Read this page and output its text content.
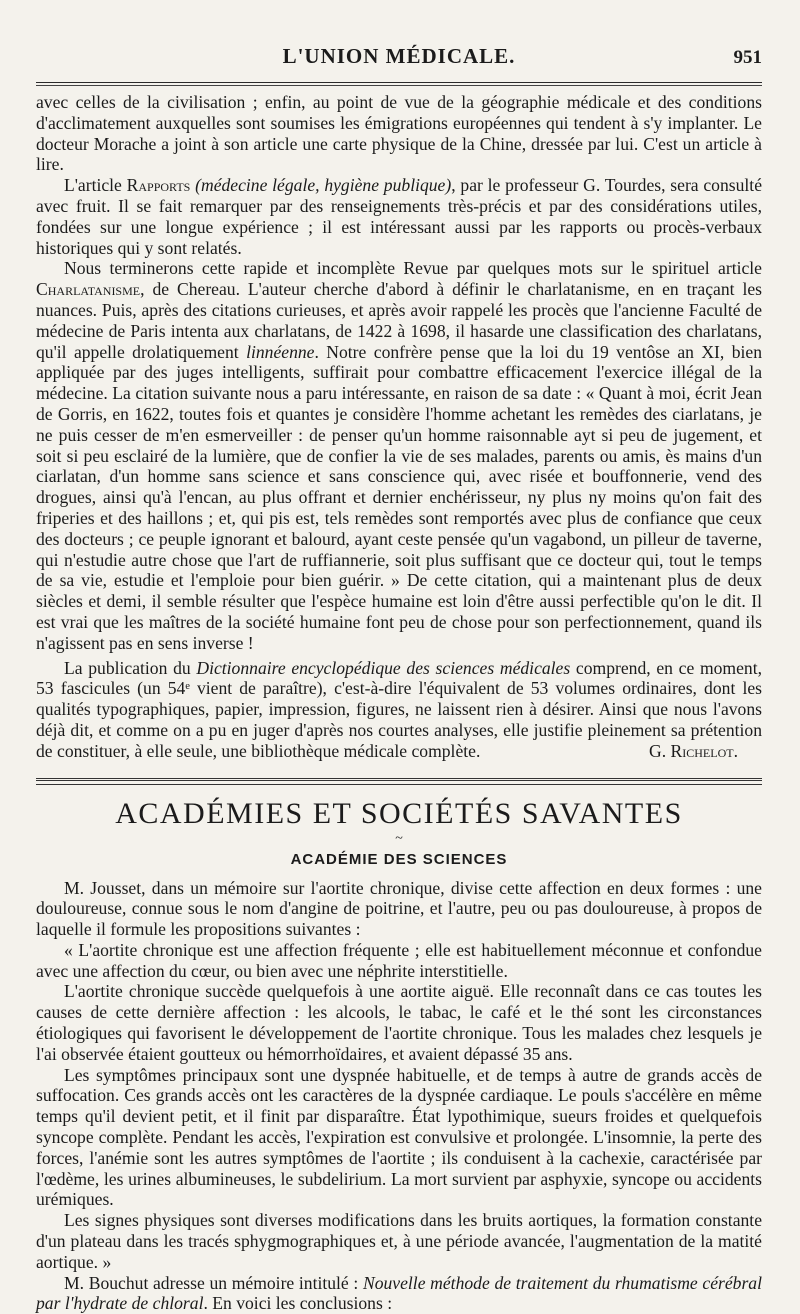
L'UNION MÉDICALE.	951

avec celles de la civilisation ; enfin, au point de vue de la géographie médicale et des conditions d'acclimatement auxquelles sont soumises les émigrations européennes qui tendent à s'y implanter. Le docteur Morache a joint à son article une carte physique de la Chine, dressée par lui. C'est un article à lire.

L'article Rapports (médecine légale, hygiène publique), par le professeur G. Tourdes, sera consulté avec fruit. Il se fait remarquer par des renseignements très-précis et par des considérations utiles, fondées sur une longue expérience ; il est intéressant aussi par les rapports ou procès-verbaux historiques qui y sont relatés.

Nous terminerons cette rapide et incomplète Revue par quelques mots sur le spirituel article Charlatanisme, de Chereau. L'auteur cherche d'abord à définir le charlatanisme, en en traçant les nuances. Puis, après des citations curieuses, et après avoir rappelé les procès que l'ancienne Faculté de médecine de Paris intenta aux charlatans, de 1422 à 1698, il hasarde une classification des charlatans, qu'il appelle drolatiquement linnéenne. Notre confrère pense que la loi du 19 ventôse an XI, bien appliquée par des juges intelligents, suffirait pour combattre efficacement l'exercice illégal de la médecine. La citation suivante nous a paru intéressante, en raison de sa date : « Quant à moi, écrit Jean de Gorris, en 1622, toutes fois et quantes je considère l'homme achetant les remèdes des ciarlatans, je ne puis cesser de m'en esmerveiller : de penser qu'un homme raisonnable ayt si peu de jugement, et soit si peu esclairé de la lumière, que de confier la vie de ses malades, parents ou amis, ès mains d'un ciarlatan, d'un homme sans science et sans conscience qui, avec risée et bouffonnerie, vend des drogues, ainsi qu'à l'encan, au plus offrant et dernier enchérisseur, ny plus ny moins qu'on fait des friperies et des haillons ; et, qui pis est, tels remèdes sont remportés avec plus de confiance que ceux des docteurs ; ce peuple ignorant et balourd, ayant ceste pensée qu'un vagabond, un pilleur de taverne, qui n'estudie autre chose que l'art de ruffiannerie, soit plus suffisant que ce docteur qui, tout le temps de sa vie, estudie et l'emploie pour bien guérir. » De cette citation, qui a maintenant plus de deux siècles et demi, il semble résulter que l'espèce humaine est loin d'être aussi perfectible qu'on le dit. Il est vrai que les maîtres de la société humaine font peu de chose pour son perfectionnement, quand ils n'agissent pas en sens inverse !

La publication du Dictionnaire encyclopédique des sciences médicales comprend, en ce moment, 53 fascicules (un 54ᵉ vient de paraître), c'est-à-dire l'équivalent de 53 volumes ordinaires, dont les qualités typographiques, papier, impression, figures, ne laissent rien à désirer. Ainsi que nous l'avons déjà dit, et comme on a pu en juger d'après nos courtes analyses, elle justifie pleinement sa prétention de constituer, à elle seule, une bibliothèque médicale complète.	G. Richelot.
ACADÉMIES ET SOCIÉTÉS SAVANTES
~
ACADÉMIE DES SCIENCES

M. Jousset, dans un mémoire sur l'aortite chronique, divise cette affection en deux formes : une douloureuse, connue sous le nom d'angine de poitrine, et l'autre, peu ou pas douloureuse, à propos de laquelle il formule les propositions suivantes :

« L'aortite chronique est une affection fréquente ; elle est habituellement méconnue et confondue avec une affection du cœur, ou bien avec une néphrite interstitielle.

L'aortite chronique succède quelquefois à une aortite aiguë. Elle reconnaît dans ce cas toutes les causes de cette dernière affection : les alcools, le tabac, le café et le thé sont les circonstances étiologiques qui favorisent le développement de l'aortite chronique. Tous les malades chez lesquels je l'ai observée étaient goutteux ou hémorrhoïdaires, et avaient dépassé 35 ans.

Les symptômes principaux sont une dyspnée habituelle, et de temps à autre de grands accès de suffocation. Ces grands accès ont les caractères de la dyspnée cardiaque. Le pouls s'accélère en même temps qu'il devient petit, et il finit par disparaître. État lypothimique, sueurs froides et quelquefois syncope complète. Pendant les accès, l'expiration est convulsive et prolongée. L'insomnie, la perte des forces, l'anémie sont les autres symptômes de l'aortite ; ils conduisent à la cachexie, caractérisée par l'œdème, les urines albumineuses, le subdelirium. La mort survient par asphyxie, syncope ou accidents urémiques.

Les signes physiques sont diverses modifications dans les bruits aortiques, la formation constante d'un plateau dans les tracés sphygmographiques et, à une période avancée, l'augmentation de la matité aortique. »

M. Bouchut adresse un mémoire intitulé : Nouvelle méthode de traitement du rhumatisme cérébral par l'hydrate de chloral. En voici les conclusions :
